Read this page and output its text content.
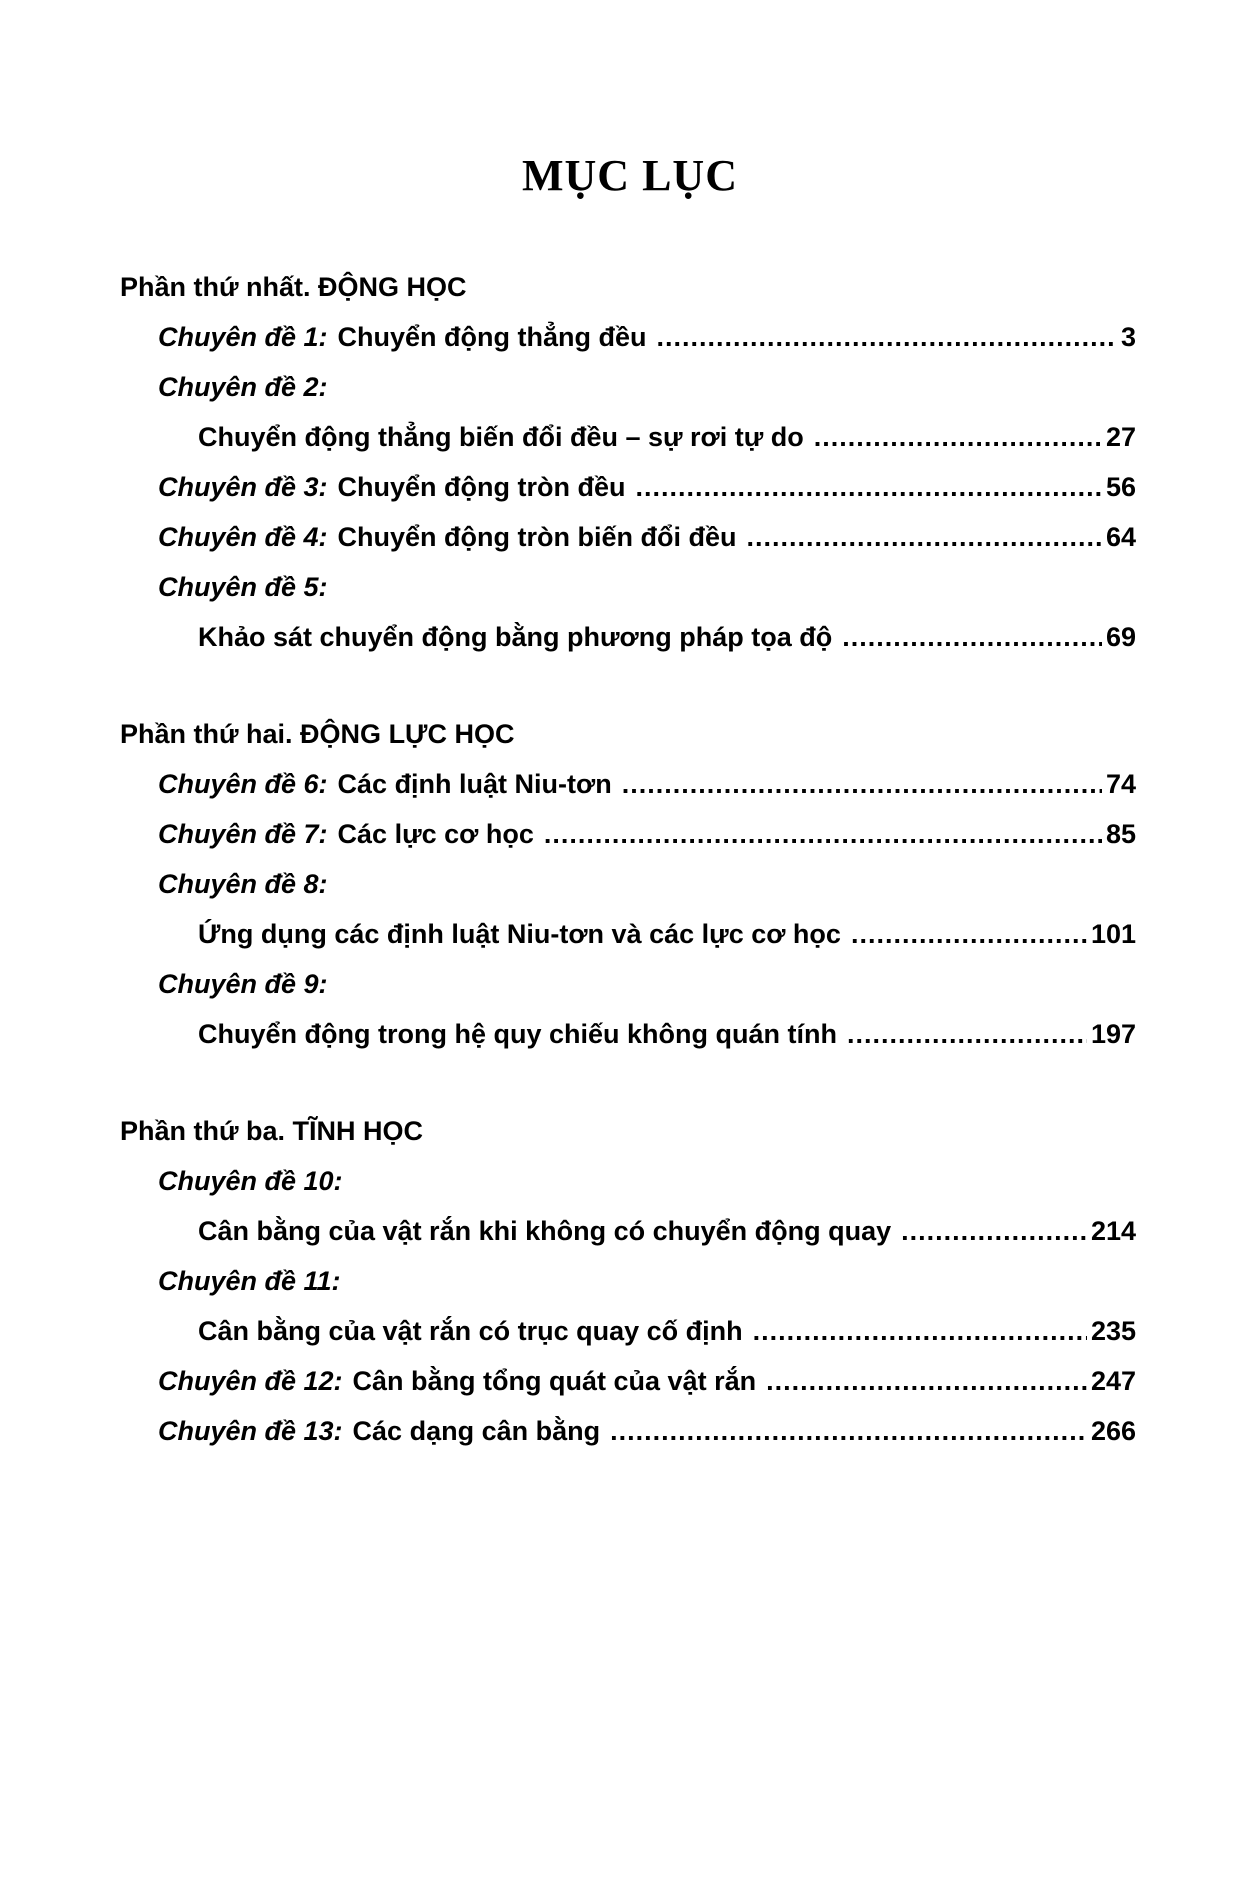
MỤC LỤC
Phần thứ nhất. ĐỘNG HỌC
Chuyên đề 1: Chuyển động thẳng đều .....	3
Chuyên đề 2:
Chuyển động thẳng biến đổi đều – sự rơi tự do .....	27
Chuyên đề 3: Chuyển động tròn đều .....	56
Chuyên đề 4: Chuyển động tròn biến đổi đều .....	64
Chuyên đề 5:
Khảo sát chuyển động bằng phương pháp tọa độ .....	69
Phần thứ hai. ĐỘNG LỰC HỌC
Chuyên đề 6: Các định luật Niu-tơn .....	74
Chuyên đề 7: Các lực cơ học .....	85
Chuyên đề 8:
Ứng dụng các định luật Niu-tơn và các lực cơ học .....	101
Chuyên đề 9:
Chuyển động trong hệ quy chiếu không quán tính .....	197
Phần thứ ba. TĨNH HỌC
Chuyên đề 10:
Cân bằng của vật rắn khi không có chuyển động quay .....	214
Chuyên đề 11:
Cân bằng của vật rắn có trục quay cố định .....	235
Chuyên đề 12: Cân bằng tổng quát của vật rắn .....	247
Chuyên đề 13: Các dạng cân bằng .....	266
